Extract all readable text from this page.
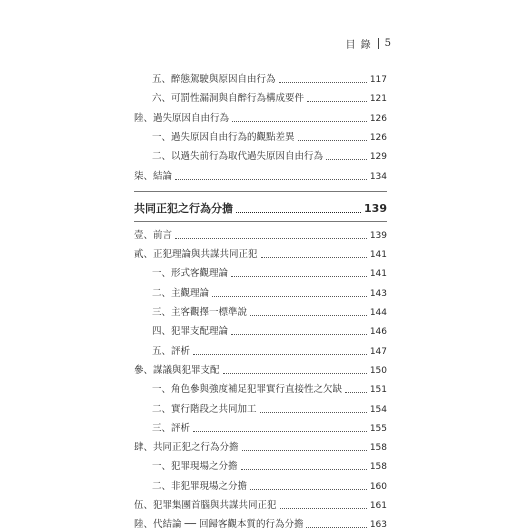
目 錄 5
五、醉態駕駛與原因自由行為	117
六、可罰性漏洞與自醉行為構成要件	121
陸、過失原因自由行為	126
一、過失原因自由行為的觀點差異	126
二、以過失前行為取代過失原因自由行為	129
柒、結論	134
共同正犯之行為分擔	139
壹、前言	139
貳、正犯理論與共謀共同正犯	141
一、形式客觀理論	141
二、主觀理論	143
三、主客觀擇一標準說	144
四、犯罪支配理論	146
五、評析	147
參、謀議與犯罪支配	150
一、角色參與強度補足犯罪實行直接性之欠缺	151
二、實行階段之共同加工	154
三、評析	155
肆、共同正犯之行為分擔	158
一、犯罪現場之分擔	158
二、非犯罪現場之分擔	160
伍、犯罪集團首腦與共謀共同正犯	161
陸、代結論 ── 回歸客觀本質的行為分擔	163
